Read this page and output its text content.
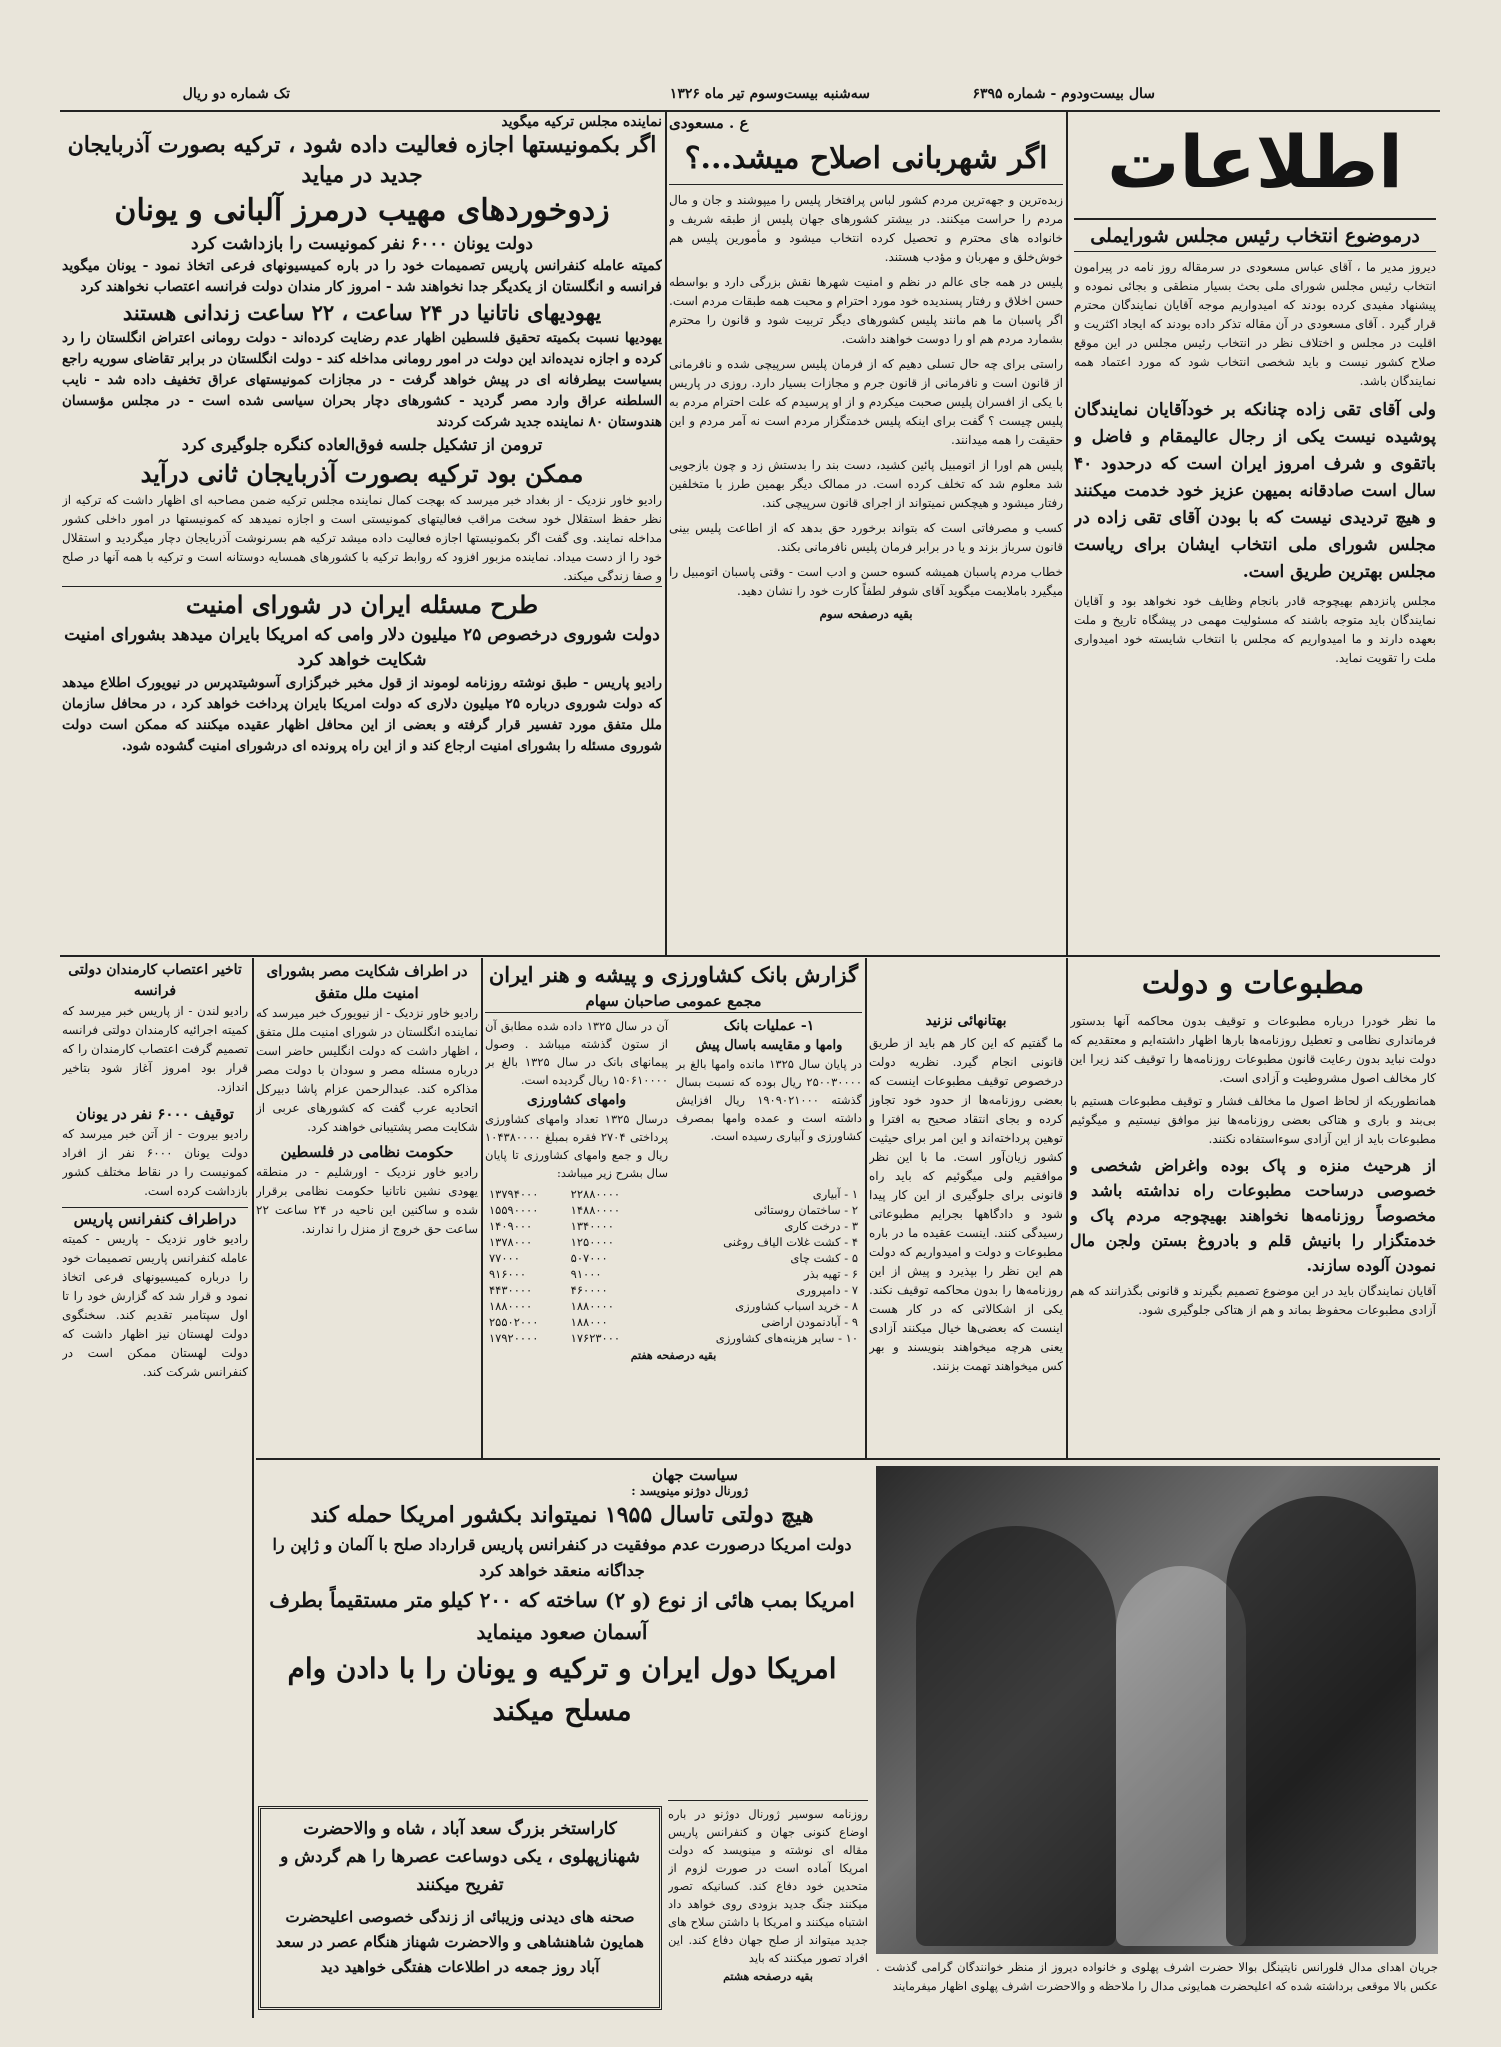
سال بیست‌ودوم - شماره ۶۳۹۵
سه‌شنبه بیست‌وسوم تیر ماه ۱۳۲۶
تک شماره دو ریال
اطلاعات

درموضوع انتخاب رئیس مجلس شورایملی

دیروز مدیر ما ، آقای عباس مسعودی در سرمقاله روز نامه در پیرامون انتخاب رئیس مجلس شورای ملی بحث بسیار منطقی و بجائی نموده و پیشنهاد مفیدی کرده بودند که امیدواریم موجه آقایان نمایندگان محترم قرار گیرد . آقای مسعودی در آن مقاله تذکر داده بودند که ایجاد اکثریت و اقلیت در مجلس و اختلاف نظر در انتخاب رئیس مجلس در این موقع صلاح کشور نیست و باید شخصی انتخاب شود که مورد اعتماد همه نمایندگان باشد.

ولی آقای تقی زاده چنانکه بر خودآقایان نمایندگان پوشیده نیست یکی از رجال عالیمقام و فاضل و باتقوی و شرف امروز ایران است که درحدود ۴۰ سال است صادقانه بمیهن عزیز خود خدمت میکنند و هیچ تردیدی نیست که با بودن آقای تقی زاده در مجلس شورای ملی انتخاب ایشان برای ریاست مجلس بهترین طریق است.

مجلس پانزدهم بهیچوجه قادر بانجام وظایف خود نخواهد بود و آقایان نمایندگان باید متوجه باشند که مسئولیت مهمی در پیشگاه تاریخ و ملت بعهده دارند و ما امیدواریم که مجلس با انتخاب شایسته خود امیدواری ملت را تقویت نماید.

ع . مسعودی

اگر شهربانی اصلاح میشد...؟

زبده‌ترین و جهه‌ترین مردم کشور لباس پرافتخار پلیس را میپوشند و جان و مال مردم را حراست میکنند. در بیشتر کشورهای جهان پلیس از طبقه شریف و خانواده های محترم و تحصیل کرده انتخاب میشود و مأمورین پلیس هم خوش‌خلق و مهربان و مؤدب هستند.

پلیس در همه جای عالم در نظم و امنیت شهرها نقش بزرگی دارد و بواسطه حسن اخلاق و رفتار پسندیده خود مورد احترام و محبت همه طبقات مردم است. اگر پاسبان ما هم مانند پلیس کشورهای دیگر تربیت شود و قانون را محترم بشمارد مردم هم او را دوست خواهند داشت.

راستی برای چه حال تسلی دهیم که از فرمان پلیس سرپیچی شده و نافرمانی از قانون است و نافرمانی از قانون جرم و مجازات بسیار دارد. روزی در پاریس با یکی از افسران پلیس صحبت میکردم و از او پرسیدم که علت احترام مردم به پلیس چیست ؟ گفت برای اینکه پلیس خدمتگزار مردم است نه آمر مردم و این حقیقت را همه میدانند.

پلیس هم اورا از اتومبیل پائین کشید، دست بند را بدستش زد و چون بازجویی شد معلوم شد که تخلف کرده است. در ممالک دیگر بهمین طرز با متخلفین رفتار میشود و هیچکس نمیتواند از اجرای قانون سرپیچی کند.

کسب و مصرفاتی است که بتواند برخورد حق بدهد که از اطاعت پلیس بینی قانون سرباز بزند و یا در برابر فرمان پلیس نافرمانی بکند.

خطاب مردم پاسبان همیشه کسوه حسن و ادب است - وقتی پاسبان اتومبیل را میگیرد باملایمت میگوید آقای شوفر لطفاً کارت خود را نشان دهید.

بقیه درصفحه سوم

نماینده مجلس ترکیه میگوید

اگر بکمونیستها اجازه فعالیت داده شود ، ترکیه بصورت آذربایجان جدید در میاید

زدوخوردهای مهیب درمرز آلبانی و یونان

دولت یونان ۶۰۰۰ نفر کمونیست را بازداشت کرد

کمیته عامله کنفرانس پاریس تصمیمات خود را در باره کمیسیونهای فرعی اتخاذ نمود - یونان میگوید فرانسه و انگلستان از یکدیگر جدا نخواهند شد - امروز کار مندان دولت فرانسه اعتصاب نخواهند کرد

یهودیهای ناتانیا در ۲۴ ساعت ، ۲۲ ساعت زندانی هستند

یهودیها نسبت بکمیته تحقیق فلسطین اظهار عدم رضایت کرده‌اند - دولت رومانی اعتراض انگلستان را رد کرده و اجازه ندیده‌اند این دولت در امور رومانی مداخله کند - دولت انگلستان در برابر تقاضای سوریه راجع بسیاست بیطرفانه ای در پیش خواهد گرفت - در مجازات کمونیستهای عراق تخفیف داده شد - نایب السلطنه عراق وارد مصر گردید - کشورهای دچار بحران سیاسی شده است - در مجلس مؤسسان هندوستان ۸۰ نماینده جدید شرکت کردند

ترومن از تشکیل جلسه فوق‌العاده کنگره جلوگیری کرد

ممکن بود ترکیه بصورت آذربایجان ثانی درآید

رادیو خاور نزدیک - از بغداد خبر میرسد که بهجت کمال نماینده مجلس ترکیه ضمن مصاحبه ای اظهار داشت که ترکیه از نظر حفظ استقلال خود سخت مراقب فعالیتهای کمونیستی است و اجازه نمیدهد که کمونیستها در امور داخلی کشور مداخله نمایند. وی گفت اگر بکمونیستها اجازه فعالیت داده میشد ترکیه هم بسرنوشت آذربایجان دچار میگردید و استقلال خود را از دست میداد. نماینده مزبور افزود که روابط ترکیه با کشورهای همسایه دوستانه است و ترکیه با همه آنها در صلح و صفا زندگی میکند.

طرح مسئله ایران در شورای امنیت

دولت شوروی درخصوص ۲۵ میلیون دلار وامی که امریکا بایران میدهد بشورای امنیت شکایت خواهد کرد

رادیو پاریس - طبق نوشته روزنامه لوموند از قول مخبر خبرگزاری آسوشیتدپرس در نیویورک اطلاع میدهد که دولت شوروی درباره ۲۵ میلیون دلاری که دولت امریکا بایران پرداخت خواهد کرد ، در محافل سازمان ملل متفق مورد تفسیر قرار گرفته و بعضی از این محافل اظهار عقیده میکنند که ممکن است دولت شوروی مسئله را بشورای امنیت ارجاع کند و از این راه پرونده ای درشورای امنیت گشوده شود.

مطبوعات و دولت

ما نظر خودرا درباره مطبوعات و توقیف بدون محاکمه آنها بدستور فرمانداری نظامی و تعطیل روزنامه‌ها بارها اظهار داشته‌ایم و معتقدیم که دولت نباید بدون رعایت قانون مطبوعات روزنامه‌ها را توقیف کند زیرا این کار مخالف اصول مشروطیت و آزادی است.

همانطوریکه از لحاظ اصول ما مخالف فشار و توقیف مطبوعات هستیم با بی‌بند و باری و هتاکی بعضی روزنامه‌ها نیز موافق نیستیم و میگوئیم مطبوعات باید از این آزادی سوءاستفاده نکنند.

از هرحیث منزه و پاک بوده واغراض شخصی و خصوصی درساحت مطبوعات راه نداشته باشد و مخصوصاً روزنامه‌ها نخواهند بهیچوجه مردم پاک و خدمتگزار را بانیش قلم و بادروغ بستن ولجن مال نمودن آلوده سازند.

آقایان نمایندگان باید در این موضوع تصمیم بگیرند و قانونی بگذرانند که هم آزادی مطبوعات محفوظ بماند و هم از هتاکی جلوگیری شود.

بهتانهائی نزنید

ما گفتیم که این کار هم باید از طریق قانونی انجام گیرد. نظریه دولت درخصوص توقیف مطبوعات اینست که بعضی روزنامه‌ها از حدود خود تجاوز کرده و بجای انتقاد صحیح به افترا و توهین پرداخته‌اند و این امر برای حیثیت کشور زیان‌آور است. ما با این نظر موافقیم ولی میگوئیم که باید راه قانونی برای جلوگیری از این کار پیدا شود و دادگاهها بجرایم مطبوعاتی رسیدگی کنند. اینست عقیده ما در باره مطبوعات و دولت و امیدواریم که دولت هم این نظر را بپذیرد و پیش از این روزنامه‌ها را بدون محاکمه توقیف نکند. یکی از اشکالاتی که در کار هست اینست که بعضی‌ها خیال میکنند آزادی یعنی هرچه میخواهند بنویسند و بهر کس میخواهند تهمت بزنند.

گزارش بانک کشاورزی و پیشه و هنر ایران

مجمع عمومی صاحبان سهام

۱- عملیات بانک

وامها و مقایسه باسال پیش

در پایان سال ۱۳۲۵ مانده وامها بالغ بر ۲۵۰۰۳۰۰۰۰ ریال بوده که نسبت بسال گذشته ۱۹۰۹۰۲۱۰۰۰ ریال افزایش داشته است و عمده وامها بمصرف کشاورزی و آبیاری رسیده است.

آن در سال ۱۳۲۵ داده شده مطابق آن از ستون گذشته میباشد . وصول پیمانهای بانک در سال ۱۳۲۵ بالغ بر ۱۵۰۶۱۰۰۰۰ ریال گردیده است.

وامهای کشاورزی

درسال ۱۳۲۵ تعداد وامهای کشاورزی پرداختی ۲۷۰۴ فقره بمبلغ ۱۰۴۳۸۰۰۰۰ ریال و جمع وامهای کشاورزی تا پایان سال بشرح زیر میباشد:

۱ - آبیاری	۲۲۸۸۰۰۰۰	۱۳۷۹۴۰۰۰
۲ - ساختمان روستائی	۱۴۸۸۰۰۰۰	۱۵۵۹۰۰۰۰
۳ - درخت کاری	۱۳۴۰۰۰۰	۱۴۰۹۰۰۰
۴ - کشت غلات الیاف روغنی	۱۲۵۰۰۰۰	۱۳۷۸۰۰۰
۵ - کشت چای	۵۰۷۰۰۰	۷۷۰۰۰
۶ - تهیه بذر	۹۱۰۰۰	۹۱۶۰۰۰
۷ - دامپروری	۴۶۰۰۰۰	۴۴۳۰۰۰۰
۸ - خرید اسباب کشاورزی	۱۸۸۰۰۰۰	۱۸۸۰۰۰۰
۹ - آبادنمودن اراضی	۱۸۸۰۰۰	۲۵۵۰۲۰۰۰
۱۰ - سایر هزینه‌های کشاورزی	۱۷۶۲۳۰۰۰	۱۷۹۲۰۰۰۰

بقیه درصفحه هفتم

در اطراف شکایت مصر بشورای امنیت ملل متفق

رادیو خاور نزدیک - از نیویورک خبر میرسد که نماینده انگلستان در شورای امنیت ملل متفق ، اظهار داشت که دولت انگلیس حاضر است درباره مسئله مصر و سودان با دولت مصر مذاکره کند. عبدالرحمن عزام پاشا دبیرکل اتحادیه عرب گفت که کشورهای عربی از شکایت مصر پشتیبانی خواهند کرد.

حکومت نظامی در فلسطین

رادیو خاور نزدیک - اورشلیم - در منطقه یهودی نشین ناتانیا حکومت نظامی برقرار شده و ساکنین این ناحیه در ۲۴ ساعت ۲۲ ساعت حق خروج از منزل را ندارند.

تاخیر اعتصاب کارمندان دولتی فرانسه

رادیو لندن - از پاریس خبر میرسد که کمیته اجرائیه کارمندان دولتی فرانسه تصمیم گرفت اعتصاب کارمندان را که قرار بود امروز آغاز شود بتاخیر اندازد.

توقیف ۶۰۰۰ نفر در یونان

رادیو بیروت - از آتن خبر میرسد که دولت یونان ۶۰۰۰ نفر از افراد کمونیست را در نقاط مختلف کشور بازداشت کرده است.

دراطراف کنفرانس پاریس

رادیو خاور نزدیک - پاریس - کمیته عامله کنفرانس پاریس تصمیمات خود را درباره کمیسیونهای فرعی اتخاذ نمود و قرار شد که گزارش خود را تا اول سپتامبر تقدیم کند. سخنگوی دولت لهستان نیز اظهار داشت که دولت لهستان ممکن است در کنفرانس شرکت کند.

جریان اهدای مدال فلورانس نایتینگل بوالا حضرت اشرف پهلوی و خانواده دیروز از منظر خوانندگان گرامی گذشت . عکس بالا موقعی برداشته شده که اعلیحضرت همایونی مدال را ملاحظه و والاحضرت اشرف پهلوی اظهار میفرمایند

سیاست جهان
ژورنال دوژنو مینویسد :

هیچ دولتی تاسال ۱۹۵۵ نمیتواند بکشور امریکا حمله کند

دولت امریکا درصورت عدم موفقیت در کنفرانس پاریس قرارداد صلح با آلمان و ژاپن را جداگانه منعقد خواهد کرد

امریکا بمب هائی از نوع (و ۲) ساخته که ۲۰۰ کیلو متر مستقیماً بطرف آسمان صعود مینماید

امریکا دول ایران و ترکیه و یونان را با دادن وام مسلح میکند

روزنامه سوسیر ژورنال دوژنو در باره اوضاع کنونی جهان و کنفرانس پاریس مقاله ای نوشته و مینویسد که دولت امریکا آماده است در صورت لزوم از متحدین خود دفاع کند. کسانیکه تصور میکنند جنگ جدید بزودی روی خواهد داد اشتباه میکنند و امریکا با داشتن سلاح های جدید میتواند از صلح جهان دفاع کند. این افراد تصور میکنند که باید

بقیه درصفحه هشتم

کاراستخر بزرگ سعد آباد ، شاه و والاحضرت شهنازپهلوی ، یکی دوساعت عصرها را هم گردش و تفریح میکنند

صحنه های دیدنی وزیبائی از زندگی خصوصی اعلیحضرت همایون شاهنشاهی و والاحضرت شهناز هنگام عصر در سعد آباد روز جمعه در اطلاعات هفتگی خواهید دید
